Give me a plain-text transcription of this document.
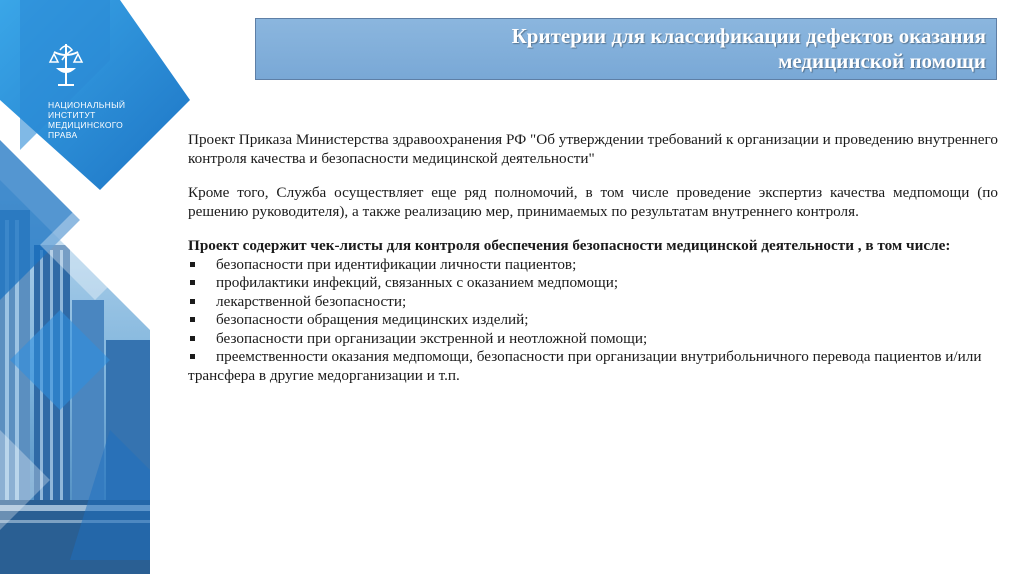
НАЦИОНАЛЬНЫЙ
ИНСТИТУТ
МЕДИЦИНСКОГО
ПРАВА
Критерии для классификации дефектов оказания
медицинской помощи

Проект Приказа Министерства здравоохранения РФ "Об утверждении требований к организации и проведению внутреннего контроля качества и безопасности медицинской деятельности"

Кроме того, Служба осуществляет еще ряд полномочий, в том числе проведение экспертиз качества медпомощи (по решению руководителя), а также реализацию мер, принимаемых по результатам внутреннего контроля.

Проект содержит чек-листы для контроля обеспечения безопасности медицинской деятельности , в том числе:

безопасности при идентификации личности пациентов;
профилактики инфекций, связанных с оказанием медпомощи;
лекарственной безопасности;
безопасности обращения медицинских изделий;
безопасности при организации экстренной и неотложной помощи;
преемственности оказания медпомощи, безопасности при организации внутрибольничного перевода пациентов и/или трансфера в другие медорганизации и т.п.
